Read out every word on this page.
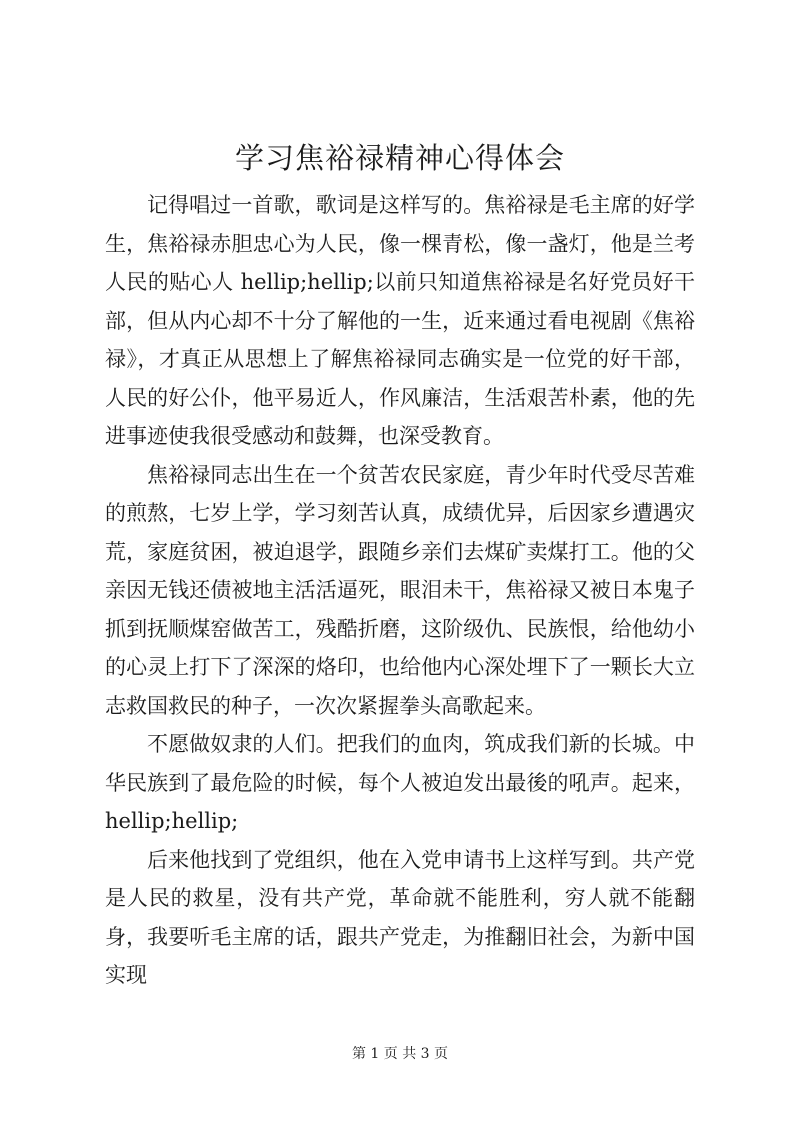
学习焦裕禄精神心得体会

记得唱过一首歌，歌词是这样写的。焦裕禄是毛主席的好学生，焦裕禄赤胆忠心为人民，像一棵青松，像一盏灯，他是兰考人民的贴心人 hellip;hellip;以前只知道焦裕禄是名好党员好干部，但从内心却不十分了解他的一生，近来通过看电视剧《焦裕禄》，才真正从思想上了解焦裕禄同志确实是一位党的好干部，人民的好公仆，他平易近人，作风廉洁，生活艰苦朴素，他的先进事迹使我很受感动和鼓舞，也深受教育。

焦裕禄同志出生在一个贫苦农民家庭，青少年时代受尽苦难的煎熬，七岁上学，学习刻苦认真，成绩优异，后因家乡遭遇灾荒，家庭贫困，被迫退学，跟随乡亲们去煤矿卖煤打工。他的父亲因无钱还债被地主活活逼死，眼泪未干，焦裕禄又被日本鬼子抓到抚顺煤窑做苦工，残酷折磨，这阶级仇、民族恨，给他幼小的心灵上打下了深深的烙印，也给他内心深处埋下了一颗长大立志救国救民的种子，一次次紧握拳头高歌起来。

不愿做奴隶的人们。把我们的血肉，筑成我们新的长城。中华民族到了最危险的时候，每个人被迫发出最後的吼声。起来，hellip;hellip;

后来他找到了党组织，他在入党申请书上这样写到。共产党是人民的救星，没有共产党，革命就不能胜利，穷人就不能翻身，我要听毛主席的话，跟共产党走，为推翻旧社会，为新中国实现

第 1 页 共 3 页
